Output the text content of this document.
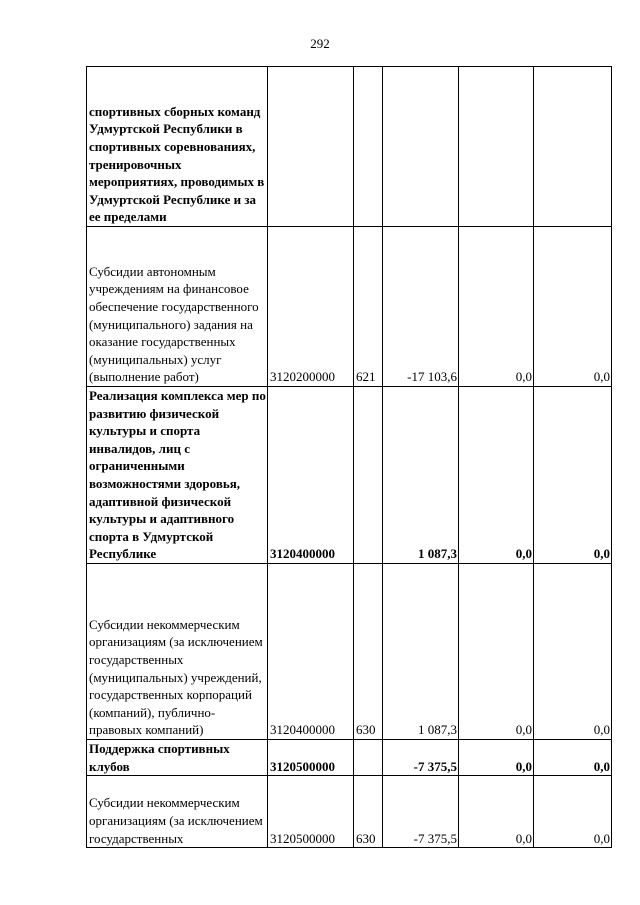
292
спортивных сборных команд Удмуртской Республики в спортивных соревнованиях, тренировочных мероприятиях, проводимых в Удмуртской Республике и за ее пределами					
Субсидии автономным учреждениям на финансовое обеспечение государственного (муниципального) задания на оказание государственных (муниципальных) услуг (выполнение работ)	3120200000	621	-17 103,6	0,0	0,0
Реализация комплекса мер по развитию физической культуры и спорта инвалидов, лиц с ограниченными возможностями здоровья, адаптивной физической культуры и адаптивного спорта в Удмуртской Республике	3120400000		1 087,3	0,0	0,0
Субсидии некоммерческим организациям (за исключением государственных (муниципальных) учреждений, государственных корпораций (компаний), публично-правовых компаний)	3120400000	630	1 087,3	0,0	0,0
Поддержка спортивных клубов	3120500000		-7 375,5	0,0	0,0
Субсидии некоммерческим организациям (за исключением государственных	3120500000	630	-7 375,5	0,0	0,0
